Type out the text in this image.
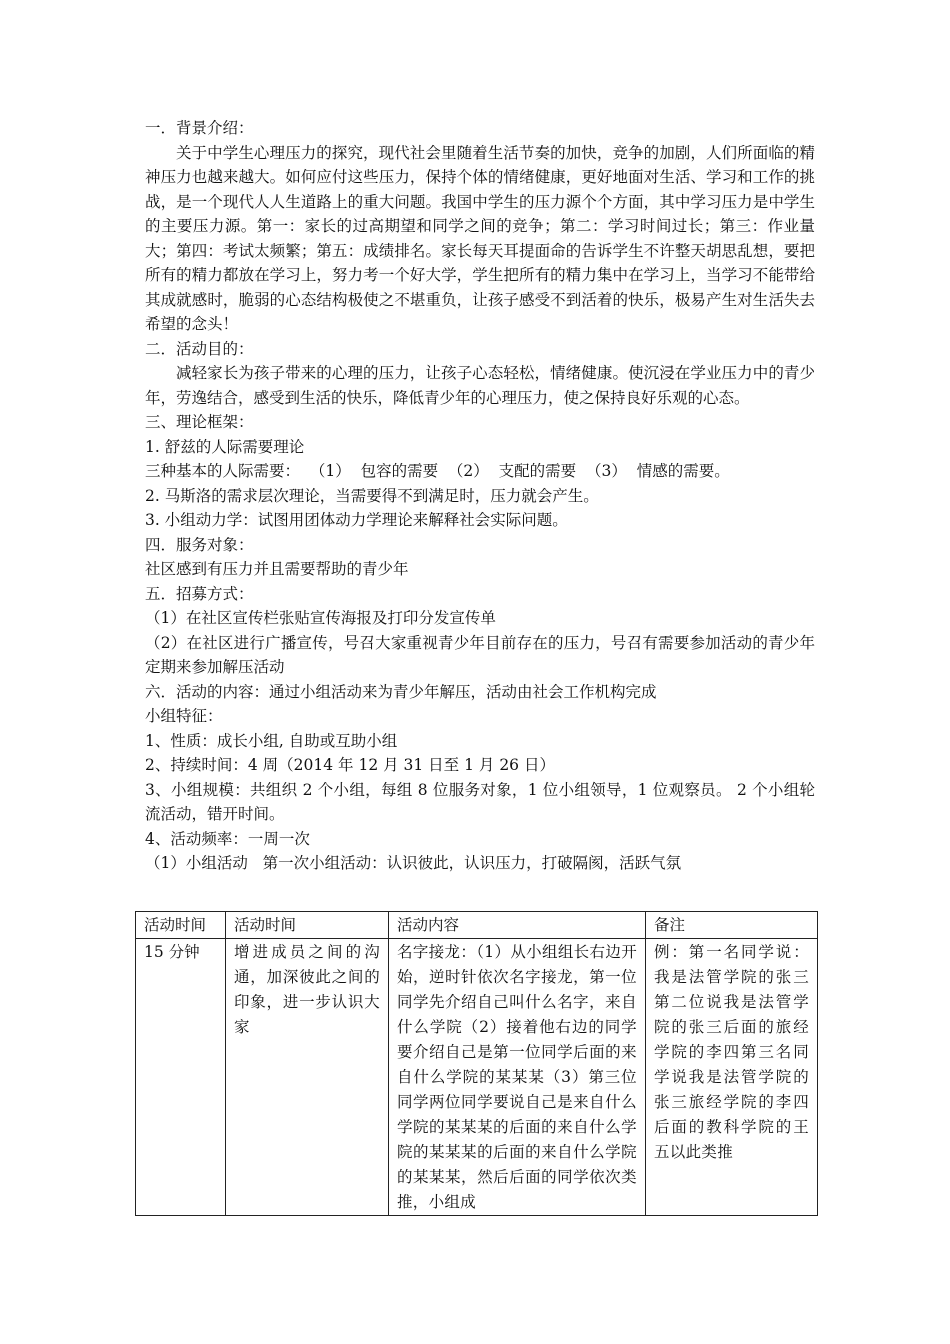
一．背景介绍：
关于中学生心理压力的探究，现代社会里随着生活节奏的加快，竞争的加剧，人们所面临的精神压力也越来越大。如何应付这些压力，保持个体的情绪健康，更好地面对生活、学习和工作的挑战，是一个现代人人生道路上的重大问题。我国中学生的压力源个个方面，其中学习压力是中学生的主要压力源。第一：家长的过高期望和同学之间的竞争；第二：学习时间过长；第三：作业量大；第四：考试太频繁；第五：成绩排名。家长每天耳提面命的告诉学生不许整天胡思乱想，要把所有的精力都放在学习上，努力考一个好大学，学生把所有的精力集中在学习上，当学习不能带给其成就感时，脆弱的心态结构极使之不堪重负，让孩子感受不到活着的快乐，极易产生对生活失去希望的念头！
二．活动目的：
减轻家长为孩子带来的心理的压力，让孩子心态轻松，情绪健康。使沉浸在学业压力中的青少年，劳逸结合，感受到生活的快乐，降低青少年的心理压力，使之保持良好乐观的心态。
三、理论框架：
1. 舒兹的人际需要理论
三种基本的人际需要：  （1）  包容的需要  （2）  支配的需要  （3）  情感的需要。
2. 马斯洛的需求层次理论，当需要得不到满足时，压力就会产生。
3. 小组动力学：试图用团体动力学理论来解释社会实际问题。
四．服务对象：
社区感到有压力并且需要帮助的青少年
五．招募方式：
（1）在社区宣传栏张贴宣传海报及打印分发宣传单
（2）在社区进行广播宣传，号召大家重视青少年目前存在的压力，号召有需要参加活动的青少年定期来参加解压活动
六．活动的内容：通过小组活动来为青少年解压，活动由社会工作机构完成
小组特征：
1、性质：成长小组, 自助或互助小组
2、持续时间：4 周（2014 年 12 月 31 日至 1 月 26 日）
3、小组规模：共组织 2 个小组，每组 8 位服务对象，1 位小组领导，1 位观察员。 2 个小组轮流活动，错开时间。
4、活动频率：一周一次
（1）小组活动   第一次小组活动：认识彼此，认识压力，打破隔阂，活跃气氛
活动时间	活动时间	活动内容	备注
15 分钟	增进成员之间的沟通，加深彼此之间的印象，进一步认识大家	名字接龙：（1）从小组组长右边开始，逆时针依次名字接龙，第一位同学先介绍自己叫什么名字，来自什么学院（2）接着他右边的同学要介绍自己是第一位同学后面的来自什么学院的某某某（3）第三位同学两位同学要说自己是来自什么学院的某某某的后面的来自什么学院的某某某的后面的来自什么学院的某某某，然后后面的同学依次类推，小组成	例：第一名同学说：我是法管学院的张三第二位说我是法管学院的张三后面的旅经学院的李四第三名同学说我是法管学院的张三旅经学院的李四后面的教科学院的王五以此类推
